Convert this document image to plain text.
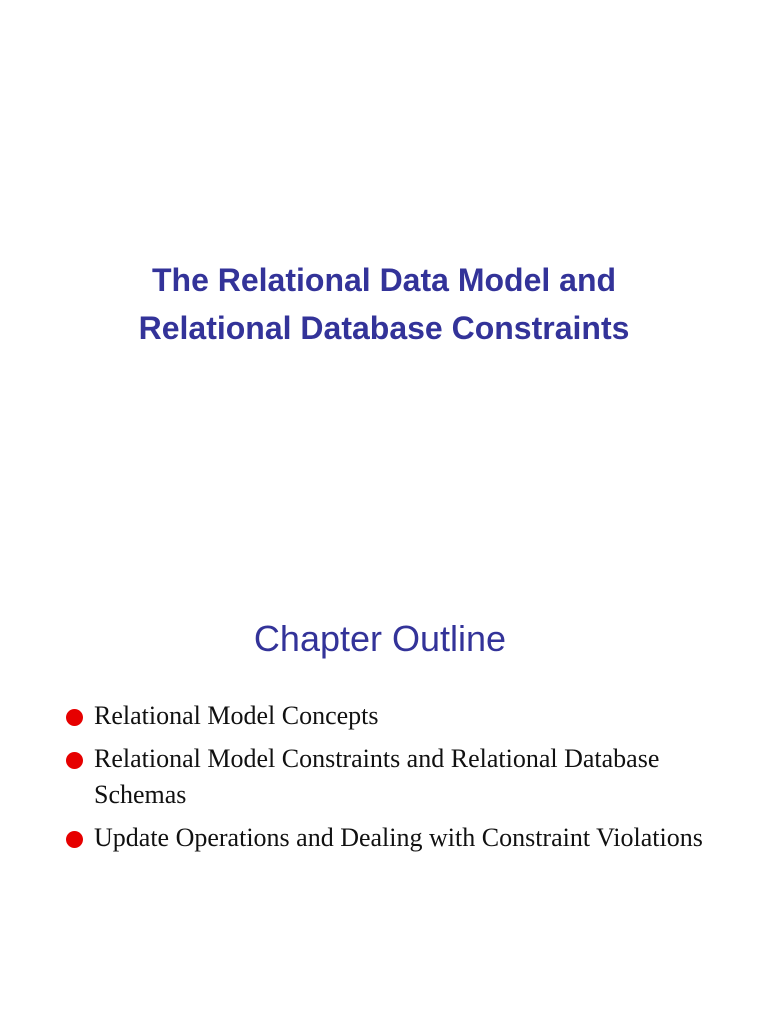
The Relational Data Model and
Relational Database Constraints
Chapter Outline
Relational Model Concepts
Relational Model Constraints and Relational Database Schemas
Update Operations and Dealing with Constraint Violations
